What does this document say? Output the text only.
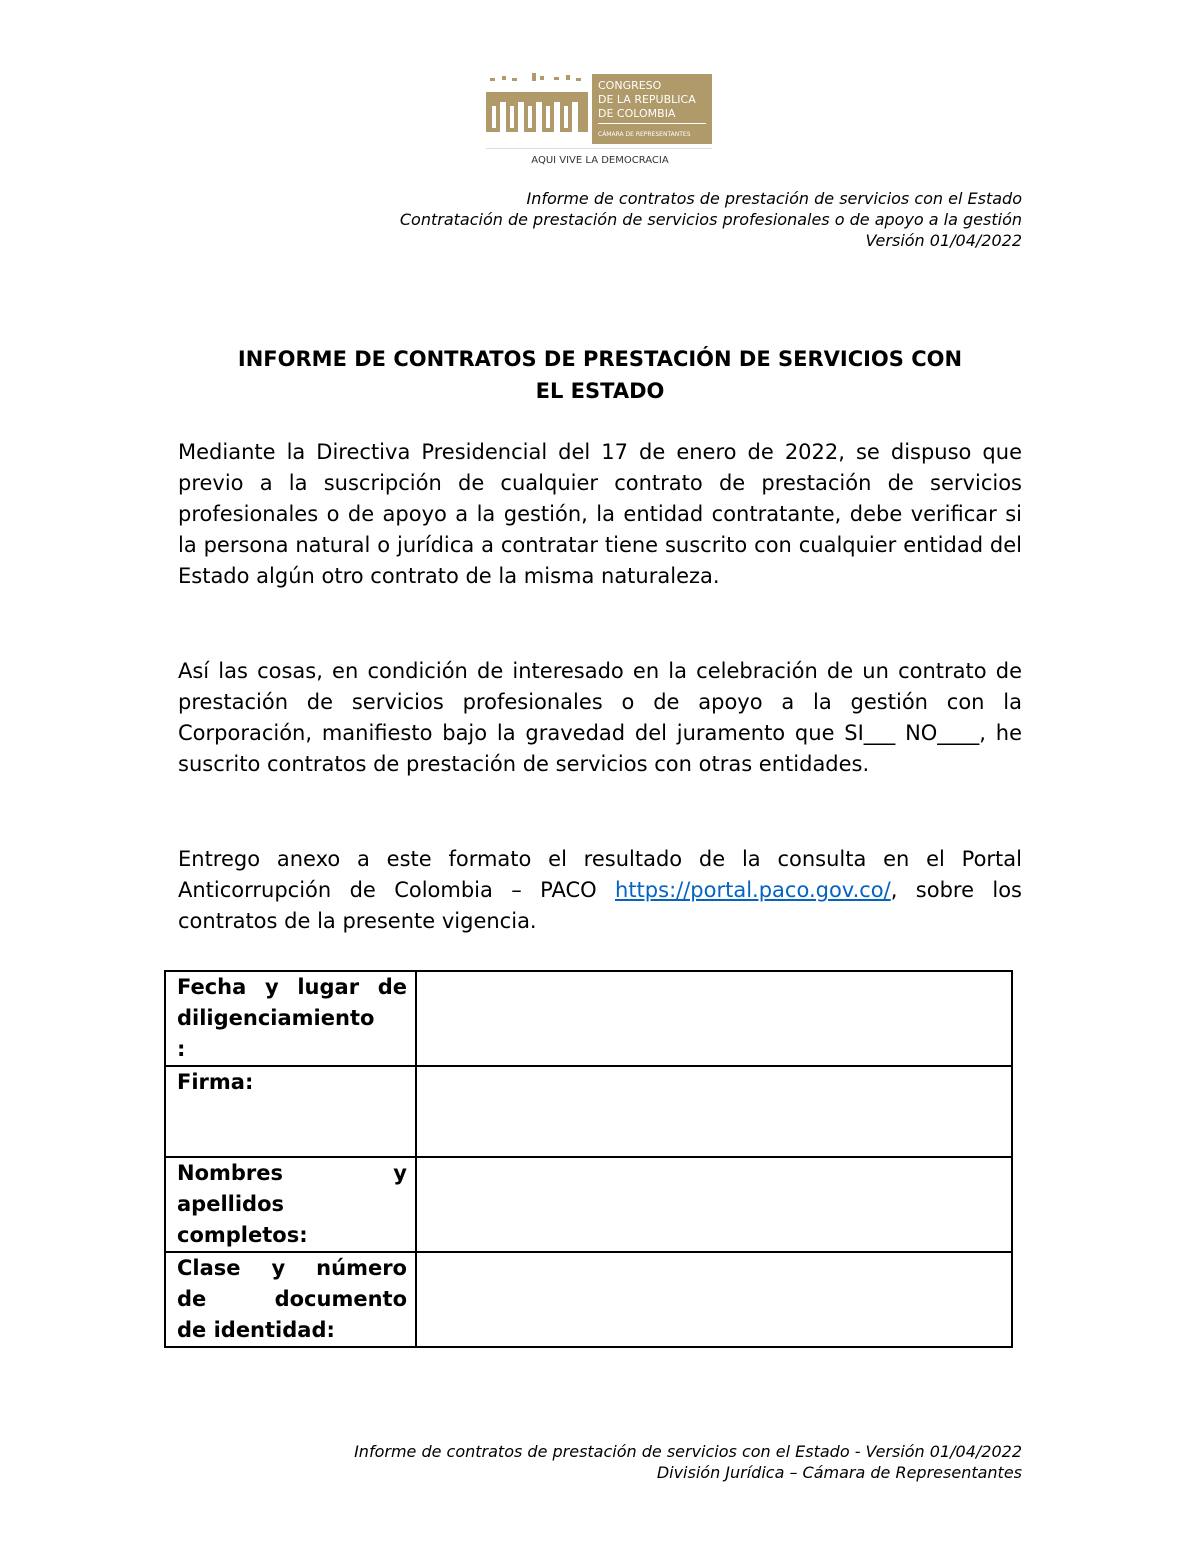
CONGRESO
DE LA REPUBLICA
DE COLOMBIA
CÁMARA DE REPRESENTANTES
AQUI VIVE LA DEMOCRACIA
Informe de contratos de prestación de servicios con el Estado
Contratación de prestación de servicios profesionales o de apoyo a la gestión
Versión 01/04/2022
INFORME DE CONTRATOS DE PRESTACIÓN DE SERVICIOS CON
EL ESTADO

Mediante la Directiva Presidencial del 17 de enero de 2022, se dispuso que previo a la suscripción de cualquier contrato de prestación de servicios profesionales o de apoyo a la gestión, la entidad contratante, debe verificar si la persona natural o jurídica a contratar tiene suscrito con cualquier entidad del Estado algún otro contrato de la misma naturaleza.

Así las cosas, en condición de interesado en la celebración de un contrato de prestación de servicios profesionales o de apoyo a la gestión con la Corporación, manifiesto bajo la gravedad del juramento que SI___ NO____, he suscrito contratos de prestación de servicios con otras entidades.

Entrego anexo a este formato el resultado de la consulta en el Portal Anticorrupción de Colombia – PACO https://portal.paco.gov.co/, sobre los contratos de la presente vigencia.

Fecha y lugar de
diligenciamiento
:	

Firma:	

Nombres y
apellidos
completos:	

Clase y número
de documento
de identidad:	

Informe de contratos de prestación de servicios con el Estado - Versión 01/04/2022
División Jurídica – Cámara de Representantes
